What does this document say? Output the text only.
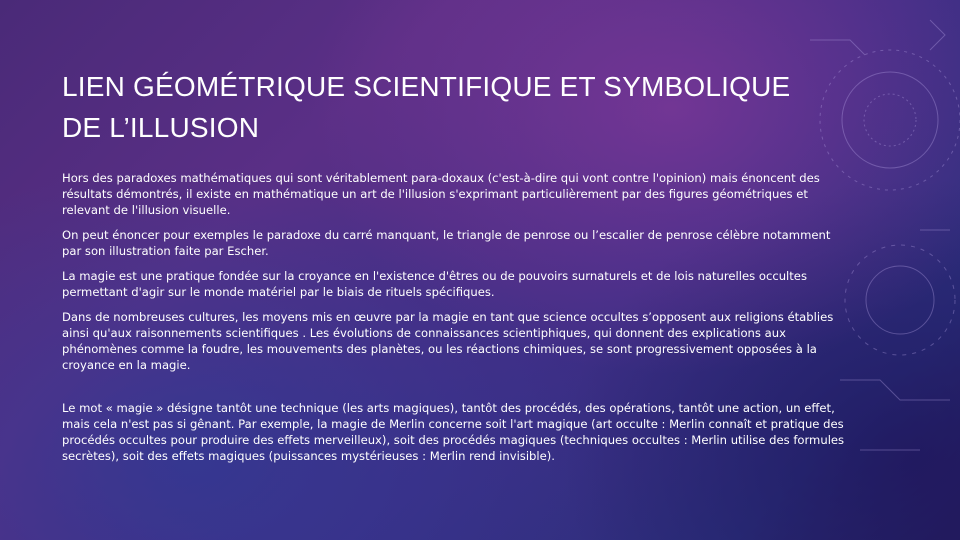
LIEN GÉOMÉTRIQUE SCIENTIFIQUE ET SYMBOLIQUE
DE L’ILLUSION

Hors des paradoxes mathématiques qui sont véritablement para-doxaux (c'est-à-dire qui vont contre l'opinion) mais énoncent des résultats démontrés, il existe en mathématique un art de l'illusion s'exprimant particulièrement par des figures géométriques et relevant de l'illusion visuelle.

On peut énoncer pour exemples le paradoxe du carré manquant, le triangle de penrose ou l’escalier de penrose célèbre notamment par son illustration faite par Escher.

La magie est une pratique fondée sur la croyance en l'existence d'êtres ou de pouvoirs surnaturels et de lois naturelles occultes permettant d'agir sur le monde matériel par le biais de rituels spécifiques.

Dans de nombreuses cultures, les moyens mis en œuvre par la magie en tant que science occultes s’opposent aux religions établies ainsi qu'aux raisonnements scientifiques . Les évolutions de connaissances scientiphiques, qui donnent des explications aux phénomènes comme la foudre, les mouvements des planètes, ou les réactions chimiques, se sont progressivement opposées à la croyance en la magie.

Le mot « magie » désigne tantôt une technique (les arts magiques), tantôt des procédés, des opérations, tantôt une action, un effet, mais cela n'est pas si gênant. Par exemple, la magie de Merlin concerne soit l'art magique (art occulte : Merlin connaît et pratique des procédés occultes pour produire des effets merveilleux), soit des procédés magiques (techniques occultes : Merlin utilise des formules secrètes), soit des effets magiques (puissances mystérieuses : Merlin rend invisible).
